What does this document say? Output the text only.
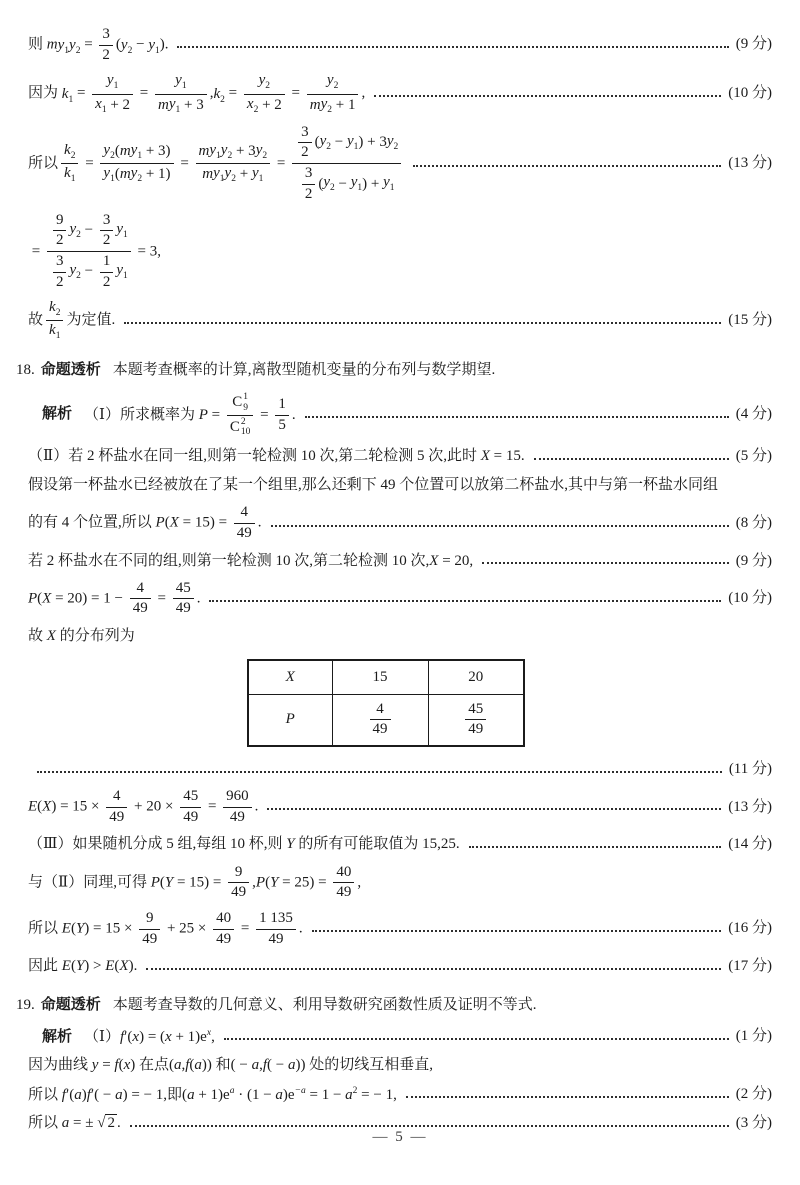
则 $my_1y_2 = \frac{3}{2} (y_2 - y_1)$.	(9 分)
因为 $k_1 = \frac{y_1}{x_1 + 2} = \frac{y_1}{m y_1 + 3} ,k_2 = \frac{y_2}{x_2 + 2} = \frac{y_2}{m y_2 + 1}$ ,	(10 分)
所以 $\frac{k_2}{k_1} = \frac{y_2 ( m y_1 + 3)}{y_1 ( m y_2 + 1)} = \frac{m y_1 y_2 + 3 y_2}{m y_1 y_2 + y_1} = \frac{\frac{3}{2} ( y_2 - y_1 ) + 3 y_2}{\frac{3}{2} ( y_2 - y_1 ) + y_1}$	(13 分)
= $\frac{\frac{9}{2} y_2 - \frac{3}{2} y_1}{\frac{3}{2} y_2 - \frac{1}{2} y_1} = 3$,
故 $\frac{k_2}{k_1}$ 为定值.	(15 分)
18. 命题透析 本题考查概率的计算,离散型随机变量的分布列与数学期望.
解析 （Ⅰ）所求概率为 P = C 1
9
C 2
$10 = \frac{1}{5}$ .	(4 分)
（Ⅱ）若 2 杯盐水在同一组,则第一轮检测 10 次,第二轮检测 5 次,此时 X = 15.	(5 分)
假设第一杯盐水已经被放在了某一个组里,那么还剩下 49 个位置可以放第二杯盐水,其中与第一杯盐水同组
的有 4 个位置,所以 $P(X = 15) = \frac{4}{49}$ .	(8 分)
若 2 杯盐水在不同的组,则第一轮检测 10 次,第二轮检测 10 次,X = 20,	(9 分)
$P(X = 20) = 1 - \frac{4}{49} = \frac{45}{49}$ .	(10 分)
故 X 的分布列为
X	15	20
P	$\frac{4}{49}$	$\frac{45}{49}$
(11 分)
$E(X) = 15 \times \frac{4}{49} + 20 \times \frac{45}{49} = \frac{960}{49}$ .	(13 分)
（Ⅲ）如果随机分成 5 组,每组 10 杯,则 Y 的所有可能取值为 15,25.	(14 分)
与（Ⅱ）同理,可得 $P(Y = 15) = \frac{9}{49} ,P(Y = 25) = \frac{40}{49}$ ,
所以 $E(Y) = 15 \times \frac{9}{49} + 25 \times \frac{40}{49} = \frac{1 135}{49}$ .	(16 分)
因此 E(Y) > E(X).	(17 分)
19. 命题透析 本题考查导数的几何意义、利用导数研究函数性质及证明不等式.
解析 （Ⅰ）f′(x) = $(x + 1)e^x$,	(1 分)
因为曲线 y = f(x) 在点(a,f(a)) 和( − a,f( − a)) 处的切线互相垂直,
所以 f′(a)f′( − a) = − 1,即$(a + 1)e^a \cdot (1 - a)e^{-a} = 1 - a^2$ = − 1,	(2 分)
所以 a = ± √ 2 .	(3 分)
— 5 —
